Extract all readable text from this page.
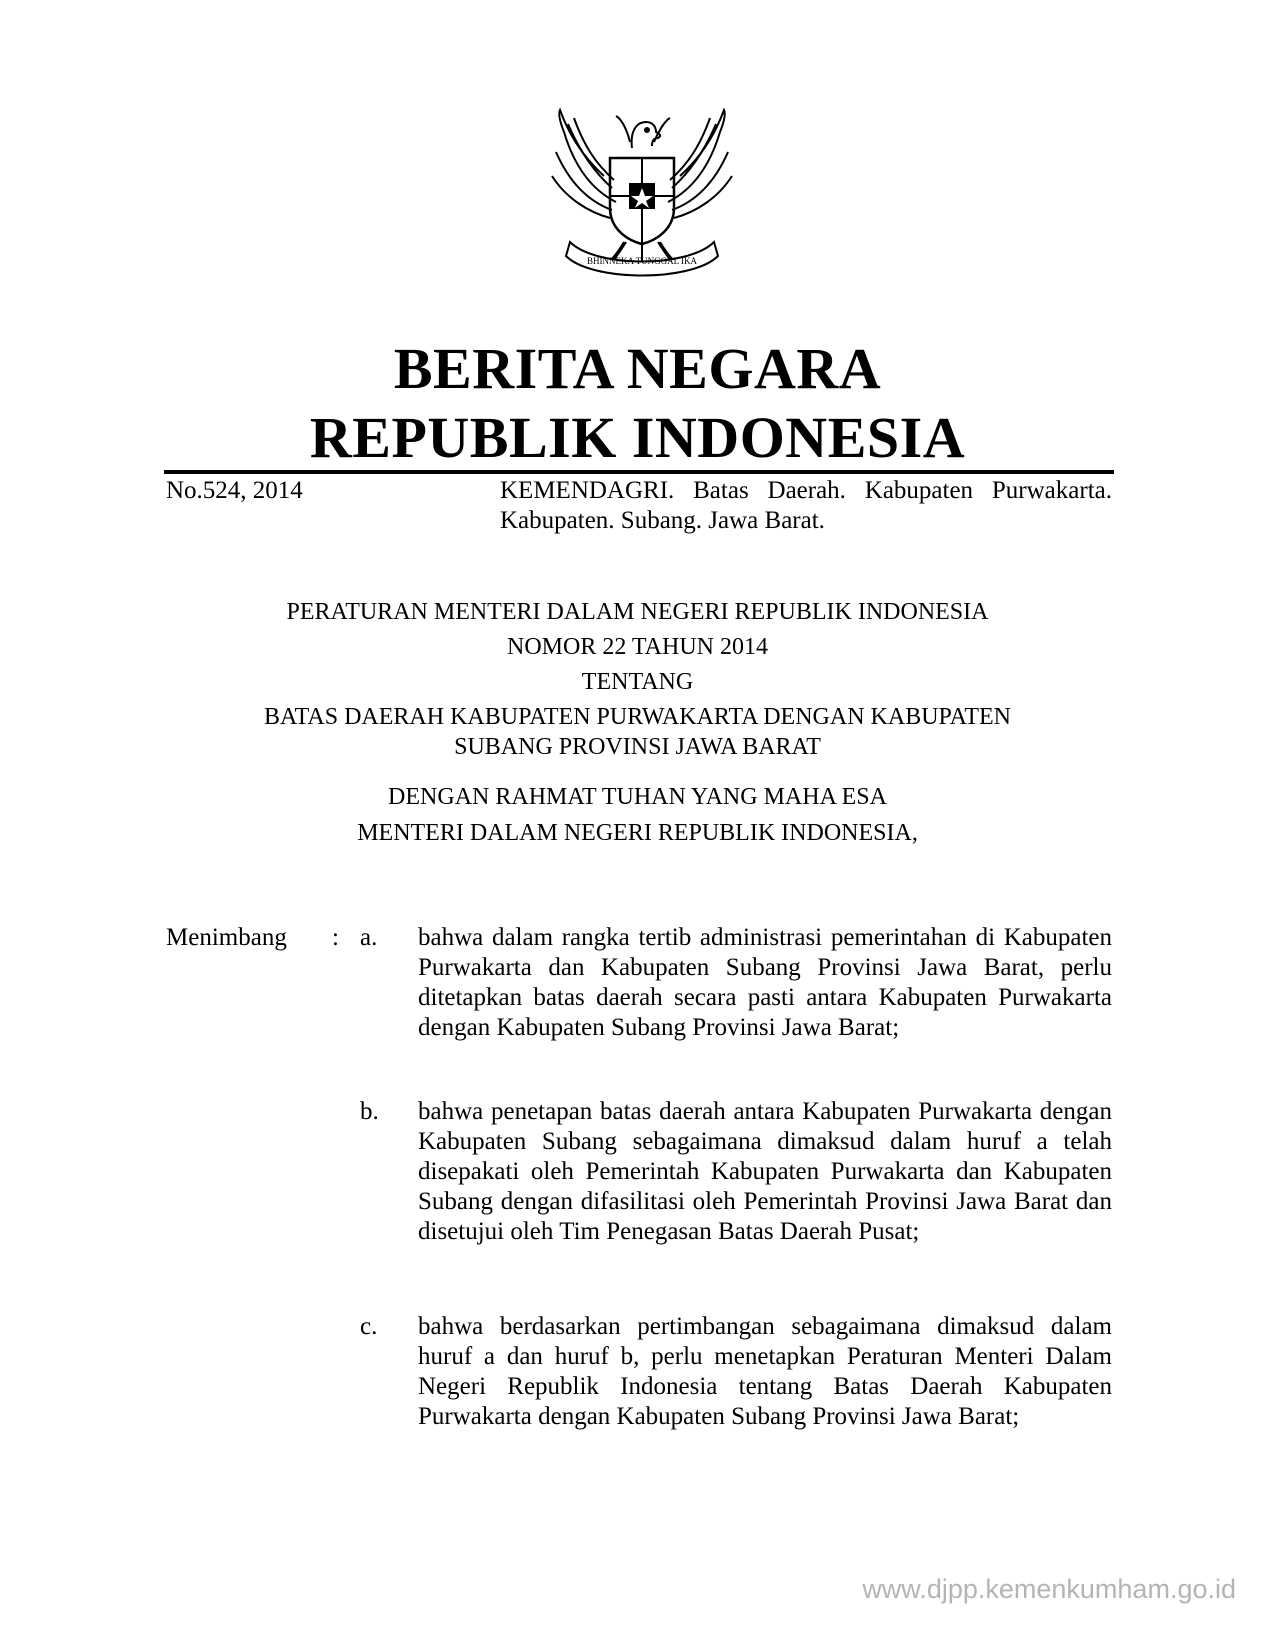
BHINNEKA TUNGGAL IKA
BERITA NEGARA
REPUBLIK INDONESIA
No.524, 2014	KEMENDAGRI. Batas Daerah. Kabupaten Purwakarta. Kabupaten. Subang. Jawa Barat.
PERATURAN MENTERI DALAM NEGERI REPUBLIK INDONESIA
NOMOR 22 TAHUN 2014
TENTANG
BATAS DAERAH KABUPATEN PURWAKARTA DENGAN KABUPATEN
SUBANG PROVINSI JAWA BARAT
DENGAN RAHMAT TUHAN YANG MAHA ESA
MENTERI DALAM NEGERI REPUBLIK INDONESIA,
Menimbang : a. bahwa dalam rangka tertib administrasi pemerintahan di Kabupaten Purwakarta dan Kabupaten Subang Provinsi Jawa Barat, perlu ditetapkan batas daerah secara pasti antara Kabupaten Purwakarta dengan Kabupaten Subang Provinsi Jawa Barat;
b. bahwa penetapan batas daerah antara Kabupaten Purwakarta dengan Kabupaten Subang sebagaimana dimaksud dalam huruf a telah disepakati oleh Pemerintah Kabupaten Purwakarta dan Kabupaten Subang dengan difasilitasi oleh Pemerintah Provinsi Jawa Barat dan disetujui oleh Tim Penegasan Batas Daerah Pusat;
c. bahwa berdasarkan pertimbangan sebagaimana dimaksud dalam huruf a dan huruf b, perlu menetapkan Peraturan Menteri Dalam Negeri Republik Indonesia tentang Batas Daerah Kabupaten Purwakarta dengan Kabupaten Subang Provinsi Jawa Barat;
www.djpp.kemenkumham.go.id
